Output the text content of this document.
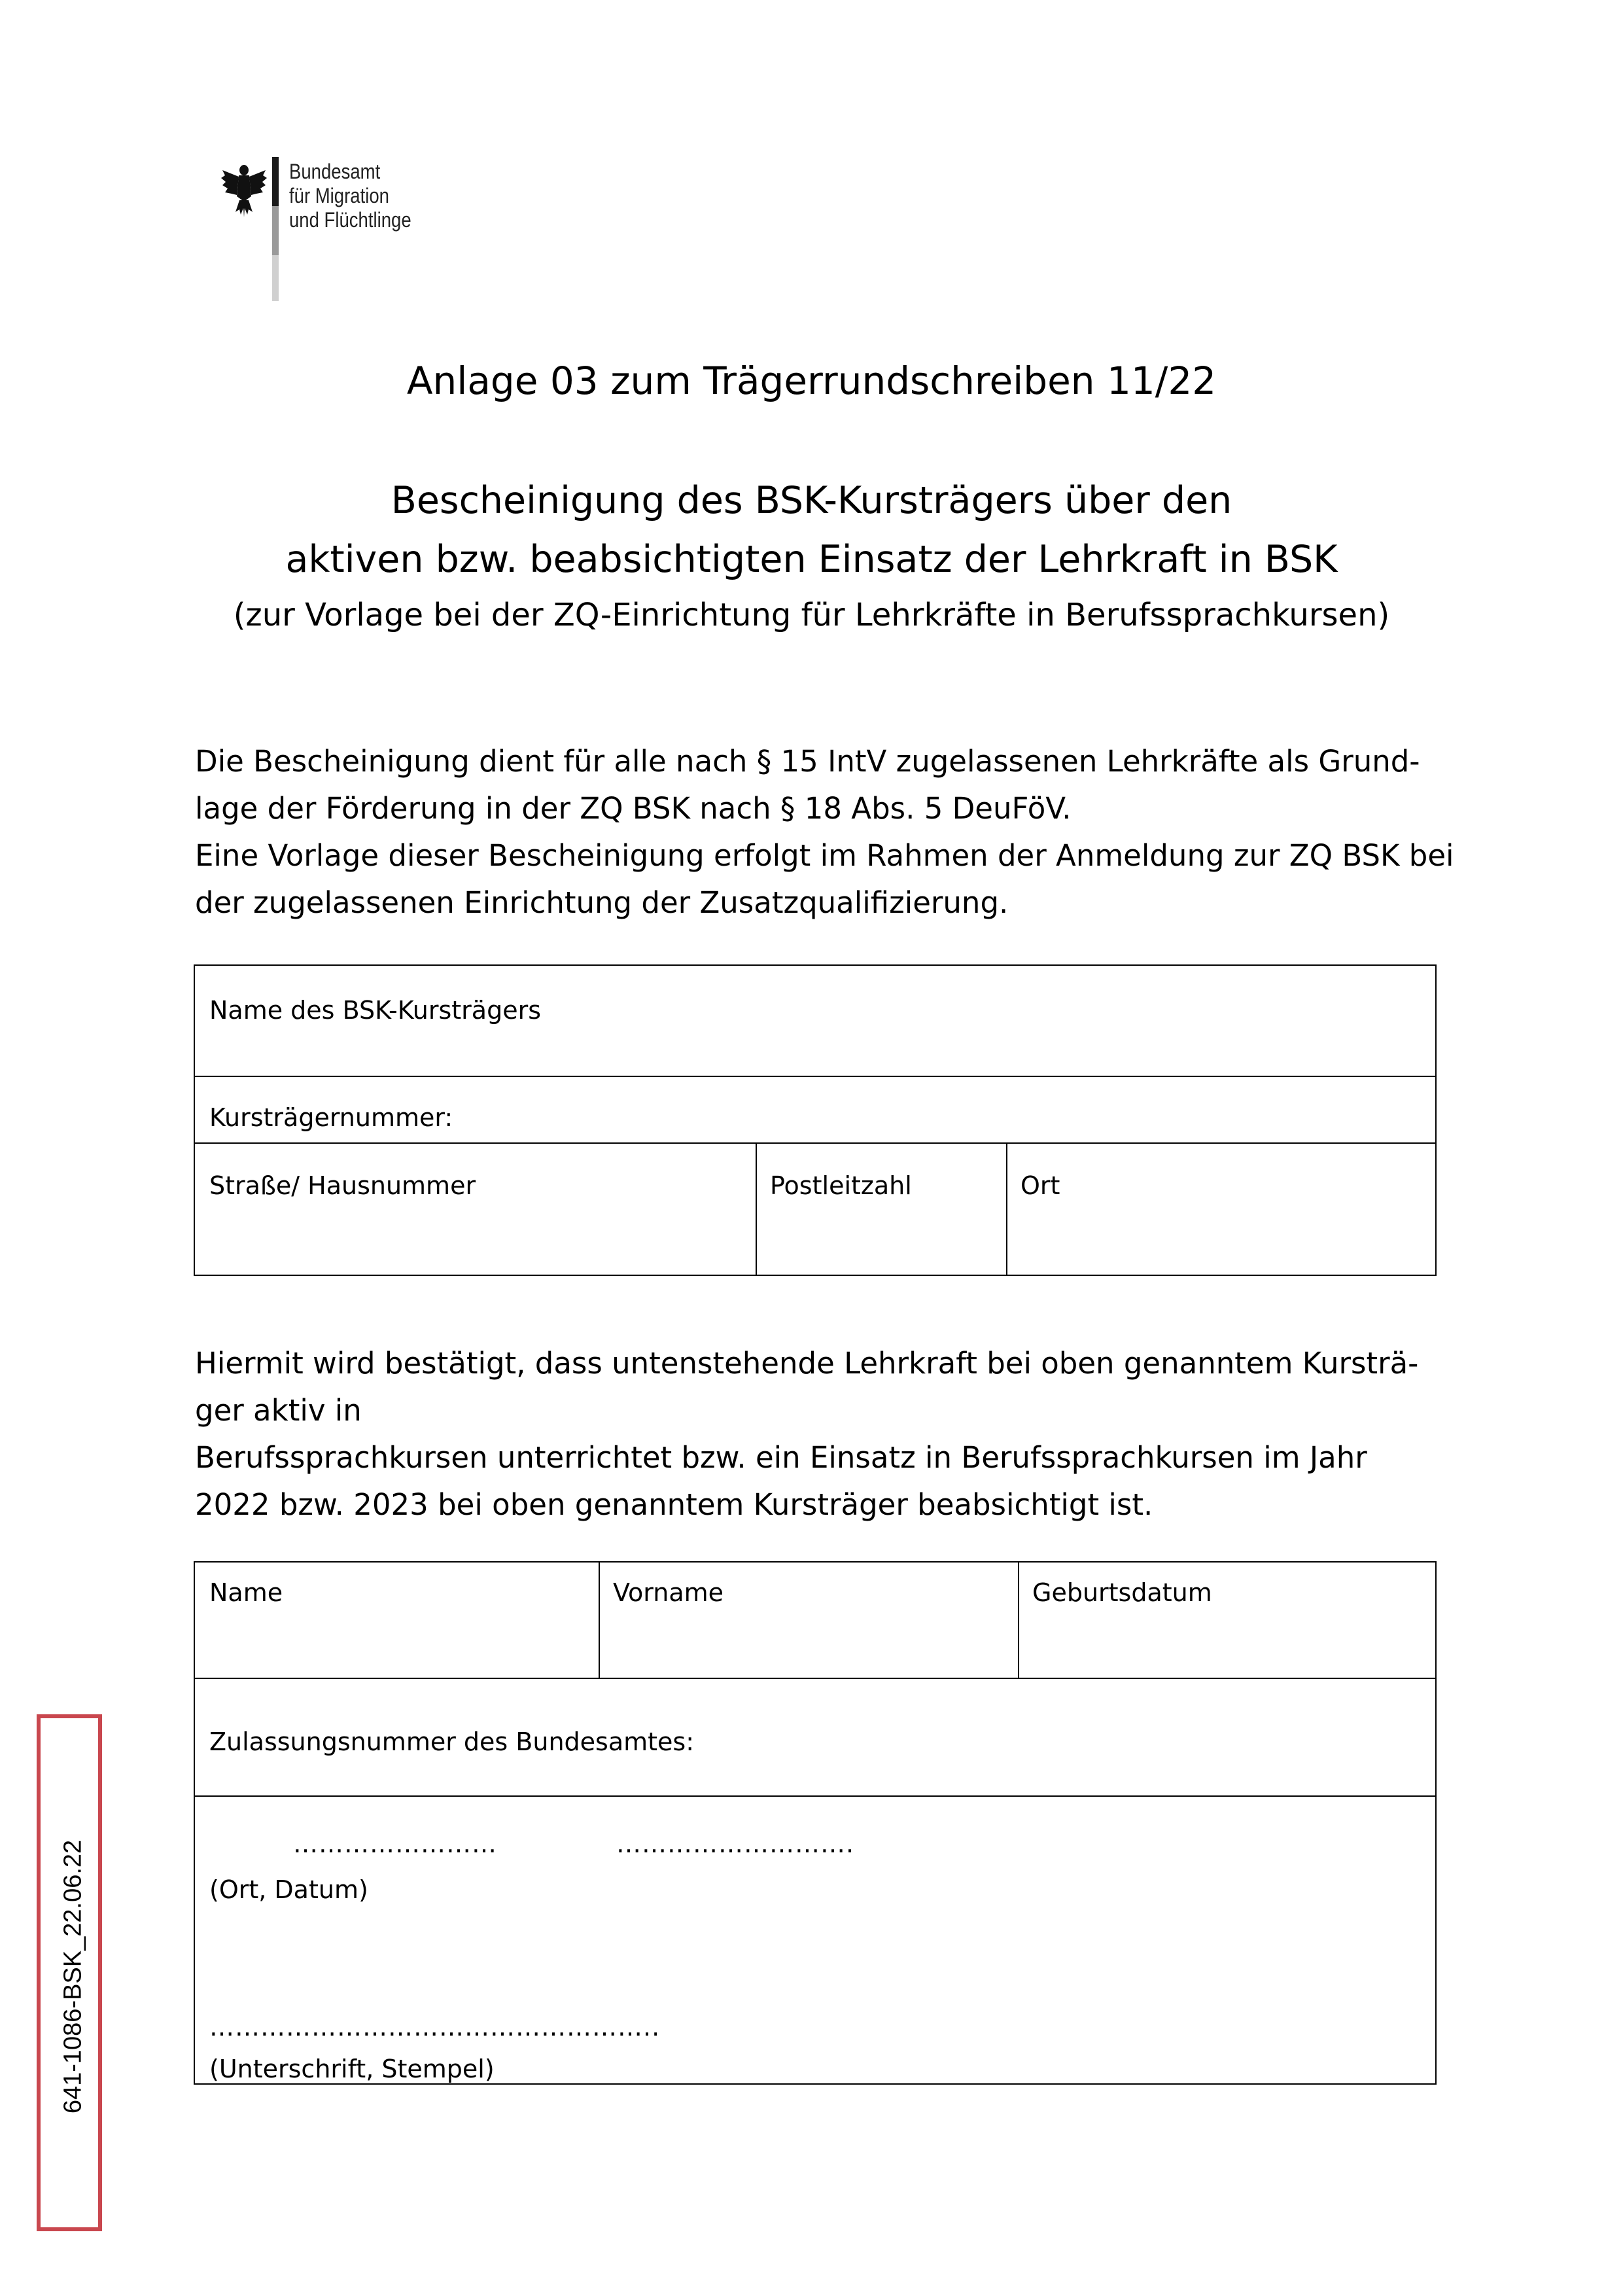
Bundesamt
für Migration
und Flüchtlinge
Anlage 03 zum Trägerrundschreiben 11/22
Bescheinigung des BSK-Kursträgers über den
aktiven bzw. beabsichtigten Einsatz der Lehrkraft in BSK
(zur Vorlage bei der ZQ-Einrichtung für Lehrkräfte in Berufssprachkursen)
Die Bescheinigung dient für alle nach § 15 IntV zugelassenen Lehrkräfte als Grund-
lage der Förderung in der ZQ BSK nach § 18 Abs. 5 DeuFöV.
Eine Vorlage dieser Bescheinigung erfolgt im Rahmen der Anmeldung zur ZQ BSK bei
der zugelassenen Einrichtung der Zusatzqualifizierung.
Name des BSK-Kursträgers
Kursträgernummer:
Straße/ Hausnummer	Postleitzahl	Ort
Hiermit wird bestätigt, dass untenstehende Lehrkraft bei oben genanntem Kursträ-
ger aktiv in
Berufssprachkursen unterrichtet bzw. ein Einsatz in Berufssprachkursen im Jahr
2022 bzw. 2023 bei oben genanntem Kursträger beabsichtigt ist.
Name	Vorname	Geburtsdatum
Zulassungsnummer des Bundesamtes:
……………………	……………………….
(Ort, Datum)
……………………………………………..
(Unterschrift, Stempel)
641-1086-BSK_22.06.22
